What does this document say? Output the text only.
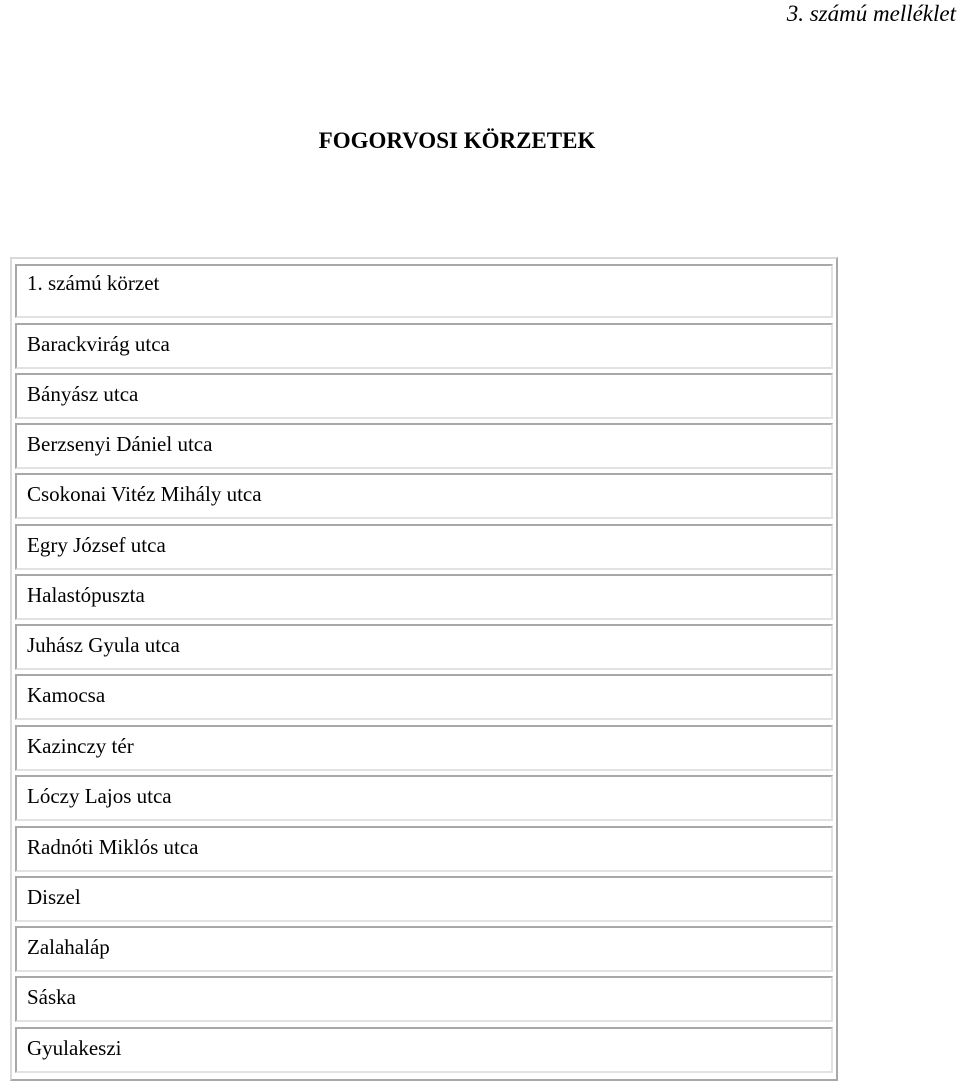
3. számú melléklet
FOGORVOSI KÖRZETEK
1. számú körzet
Barackvirág utca
Bányász utca
Berzsenyi Dániel utca
Csokonai Vitéz Mihály utca
Egry József utca
Halastópuszta
Juhász Gyula utca
Kamocsa
Kazinczy tér
Lóczy Lajos utca
Radnóti Miklós utca
Diszel
Zalahaláp
Sáska
Gyulakeszi
